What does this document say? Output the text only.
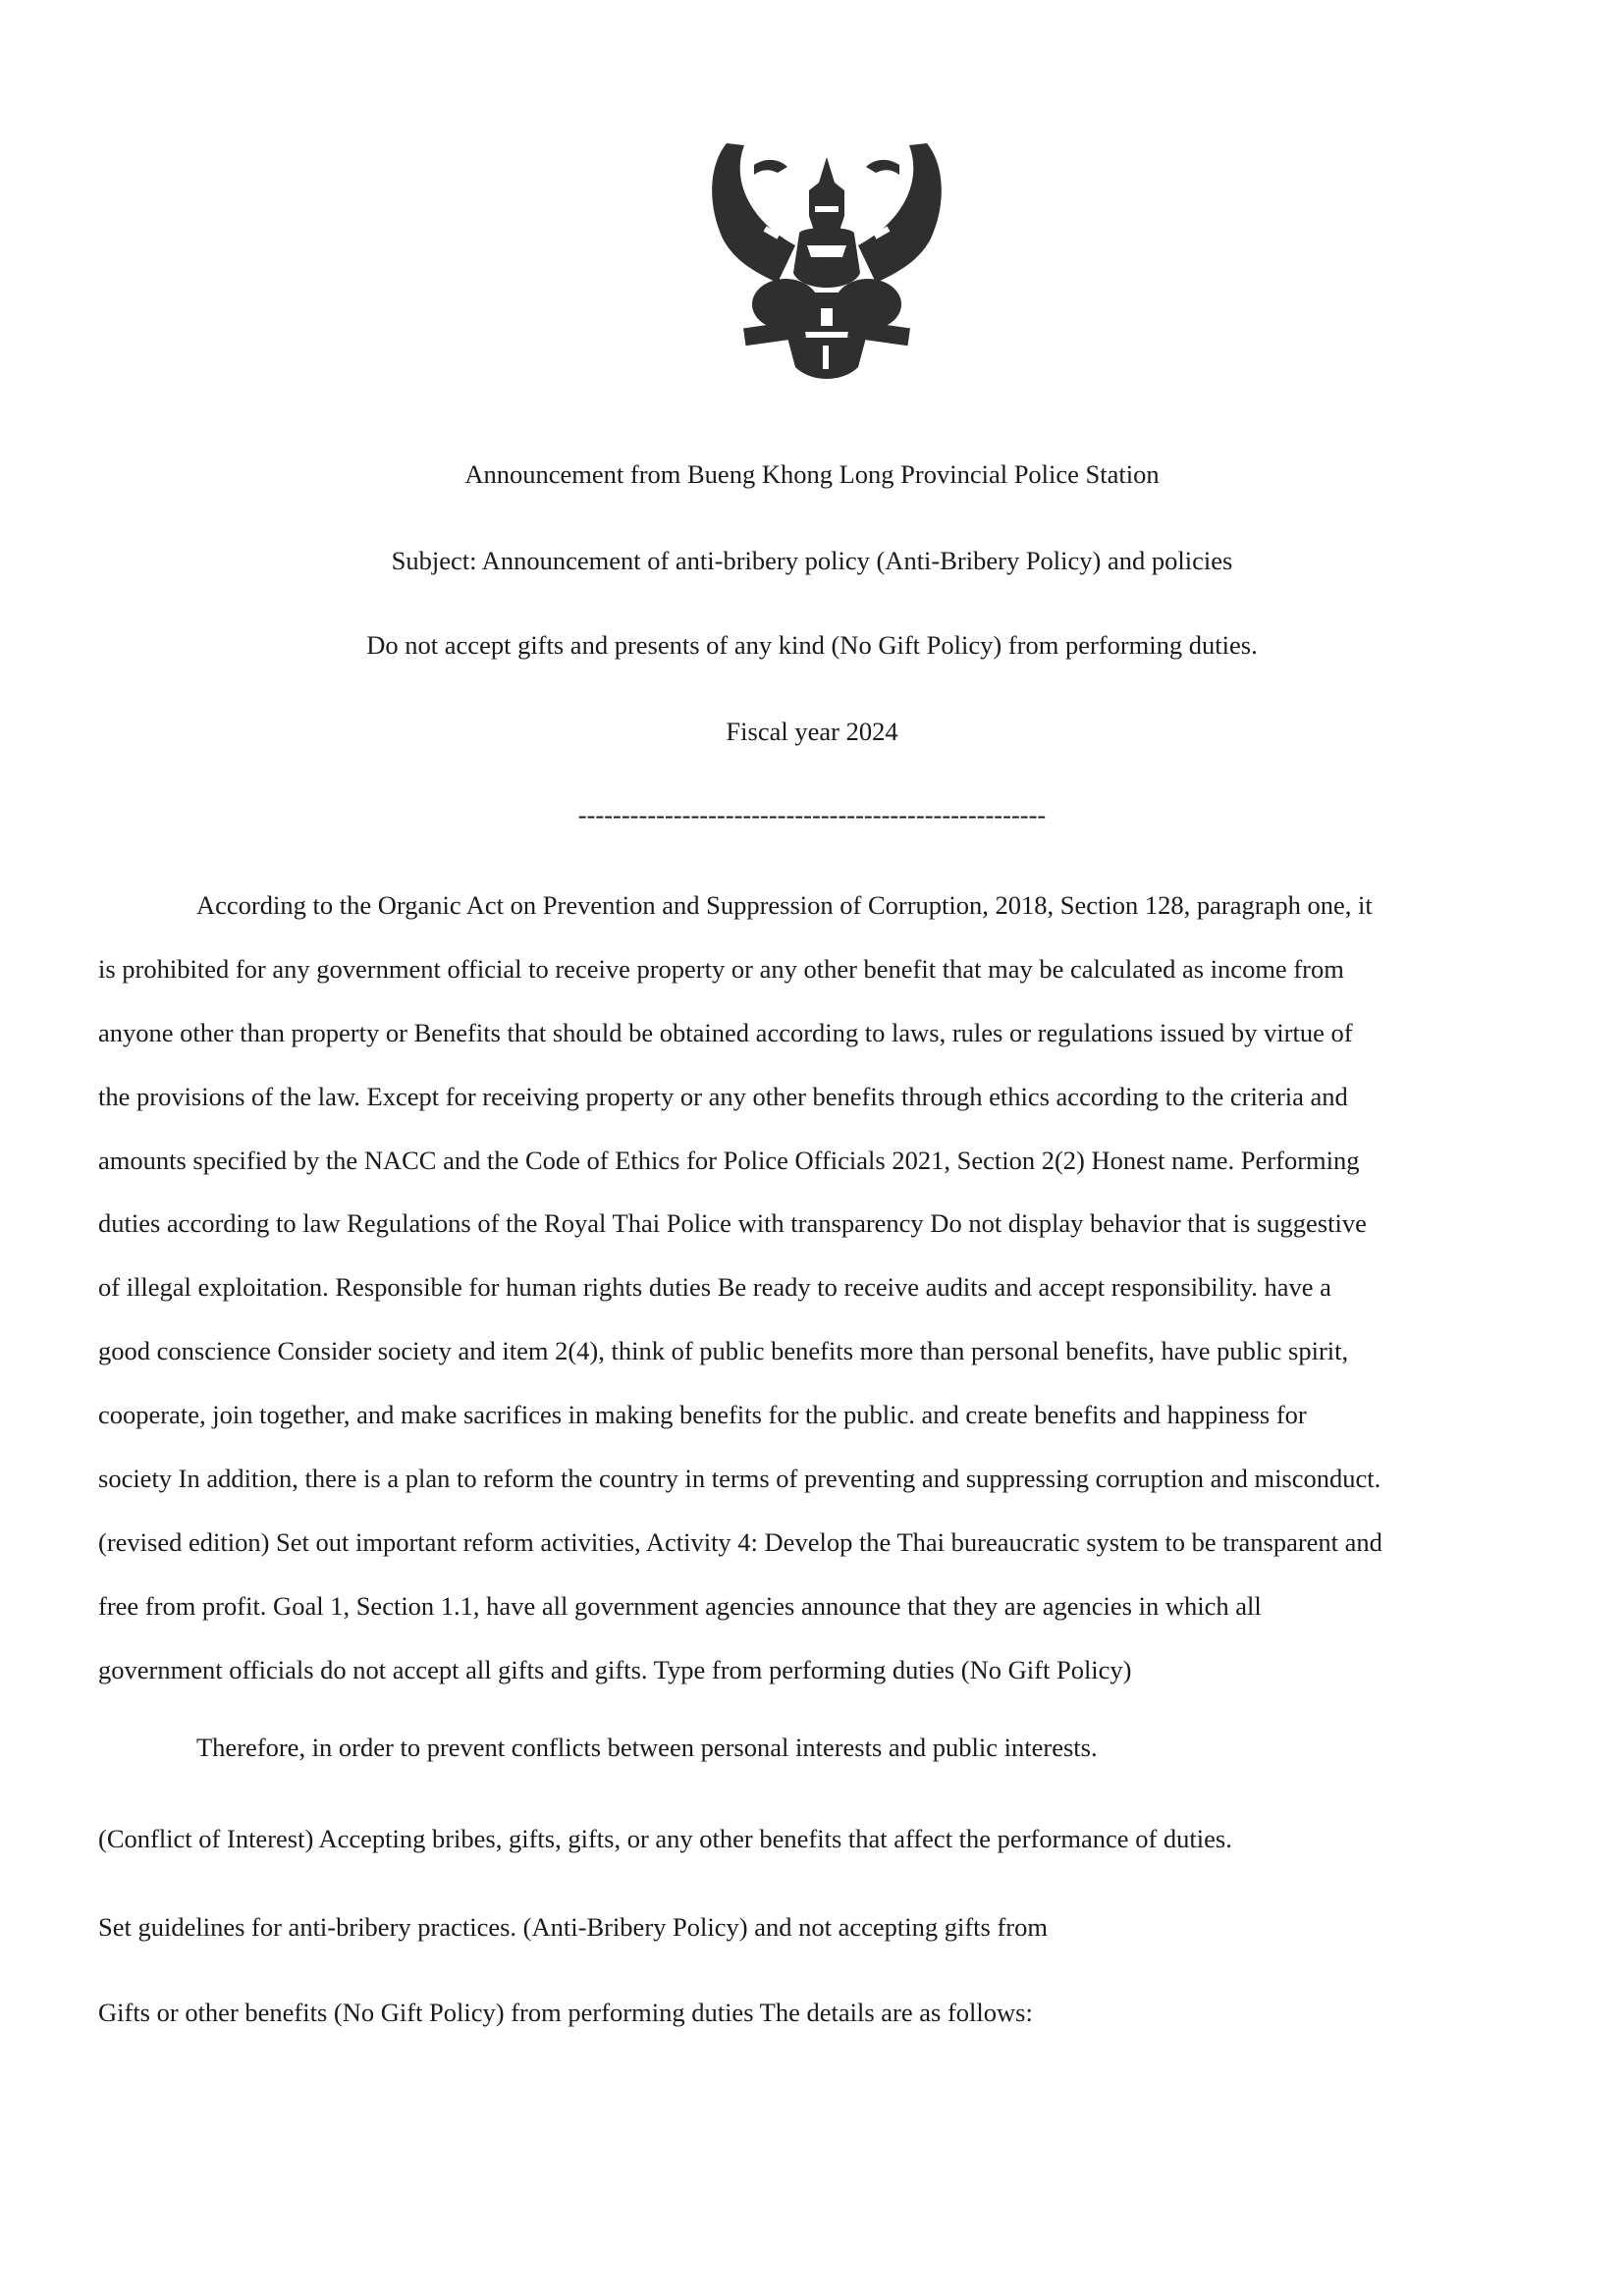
Announcement from Bueng Khong Long Provincial Police Station
Subject: Announcement of anti-bribery policy (Anti-Bribery Policy) and policies
Do not accept gifts and presents of any kind (No Gift Policy) from performing duties.
Fiscal year 2024
------------------------------------------------------
According to the Organic Act on Prevention and Suppression of Corruption, 2018, Section 128, paragraph one, it
is prohibited for any government official to receive property or any other benefit that may be calculated as income from
anyone other than property or Benefits that should be obtained according to laws, rules or regulations issued by virtue of
the provisions of the law. Except for receiving property or any other benefits through ethics according to the criteria and
amounts specified by the NACC and the Code of Ethics for Police Officials 2021, Section 2(2) Honest name. Performing
duties according to law Regulations of the Royal Thai Police with transparency Do not display behavior that is suggestive
of illegal exploitation. Responsible for human rights duties Be ready to receive audits and accept responsibility. have a
good conscience Consider society and item 2(4), think of public benefits more than personal benefits, have public spirit,
cooperate, join together, and make sacrifices in making benefits for the public. and create benefits and happiness for
society In addition, there is a plan to reform the country in terms of preventing and suppressing corruption and misconduct.
(revised edition) Set out important reform activities, Activity 4: Develop the Thai bureaucratic system to be transparent and
free from profit. Goal 1, Section 1.1, have all government agencies announce that they are agencies in which all
government officials do not accept all gifts and gifts. Type from performing duties (No Gift Policy)
Therefore, in order to prevent conflicts between personal interests and public interests.
(Conflict of Interest) Accepting bribes, gifts, gifts, or any other benefits that affect the performance of duties.
Set guidelines for anti-bribery practices. (Anti-Bribery Policy) and not accepting gifts from
Gifts or other benefits (No Gift Policy) from performing duties The details are as follows:
